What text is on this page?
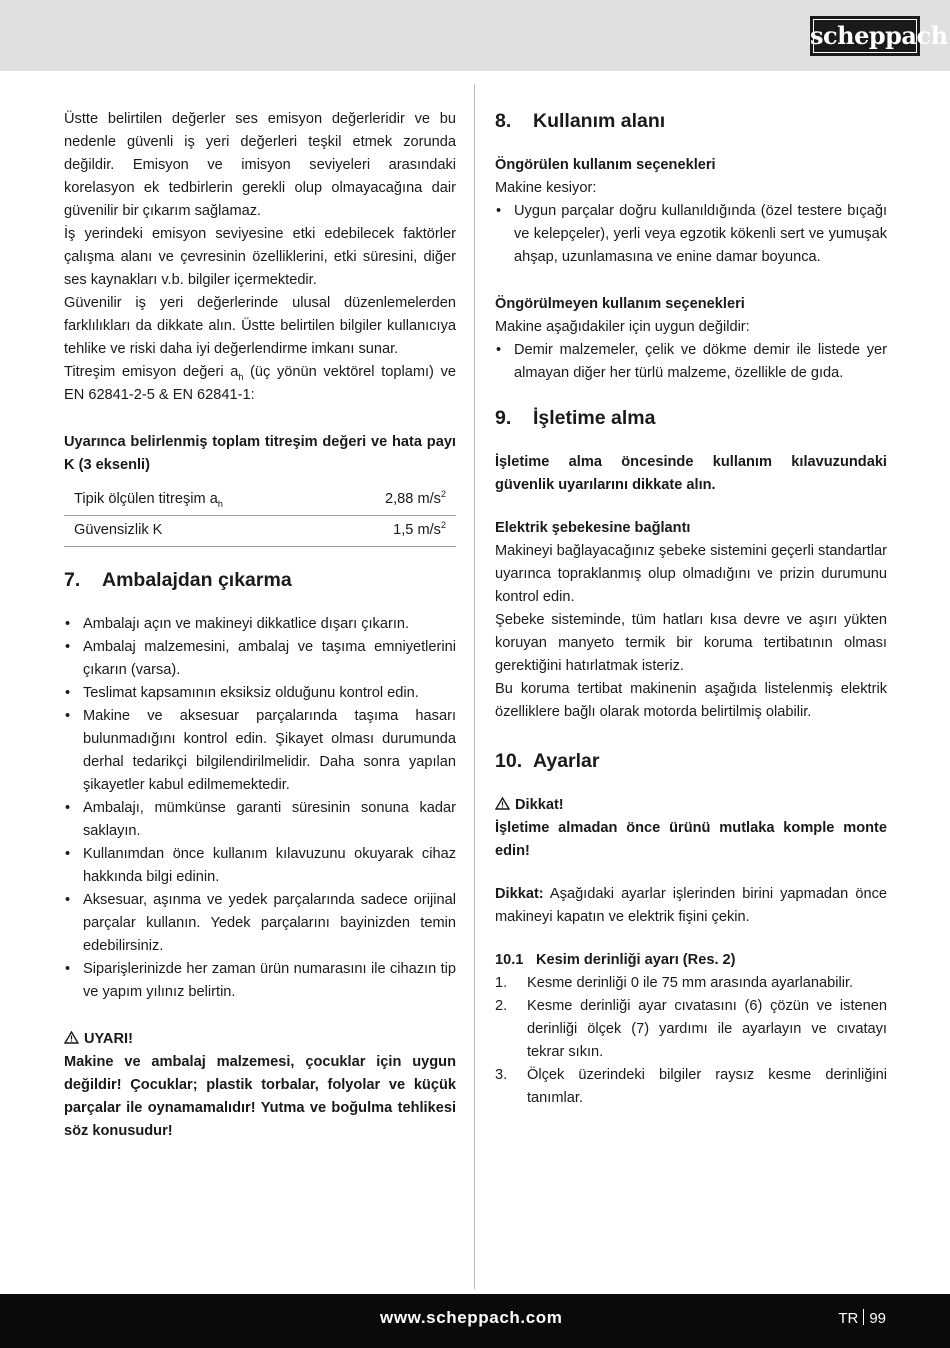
scheppach

Üstte belirtilen değerler ses emisyon değerleridir ve bu nedenle güvenli iş yeri değerleri teşkil etmek zorunda değildir. Emisyon ve imisyon seviyeleri arasındaki korelasyon ek tedbirlerin gerekli olup olmayacağına dair güvenilir bir çıkarım sağlamaz.

İş yerindeki emisyon seviyesine etki edebilecek faktörler çalışma alanı ve çevresinin özelliklerini, etki süresini, diğer ses kaynakları v.b. bilgiler içermektedir.

Güvenilir iş yeri değerlerinde ulusal düzenlemelerden farklılıkları da dikkate alın. Üstte belirtilen bilgiler kullanıcıya tehlike ve riski daha iyi değerlendirme imkanı sunar.

Titreşim emisyon değeri $a_h$ (üç yönün vektörel toplamı) ve EN 62841-2-5 & EN 62841-1:

Uyarınca belirlenmiş toplam titreşim değeri ve hata payı K (3 eksenli)

Tipik ölçülen titreşim $a_h$	2,88 $m/s^2$
Güvensizlik K	1,5 $m/s^2$
7. Ambalajdan çıkarma
• Ambalajı açın ve makineyi dikkatlice dışarı çıkarın.
• Ambalaj malzemesini, ambalaj ve taşıma emniyetlerini çıkarın (varsa).
• Teslimat kapsamının eksiksiz olduğunu kontrol edin.
• Makine ve aksesuar parçalarında taşıma hasarı bulunmadığını kontrol edin. Şikayet olması durumunda derhal tedarikçi bilgilendirilmelidir. Daha sonra yapılan şikayetler kabul edilmemektedir.
• Ambalajı, mümkünse garanti süresinin sonuna kadar saklayın.
• Kullanımdan önce kullanım kılavuzunu okuyarak cihaz hakkında bilgi edinin.
• Aksesuar, aşınma ve yedek parçalarında sadece orijinal parçalar kullanın. Yedek parçalarını bayinizden temin edebilirsiniz.
• Siparişlerinizde her zaman ürün numarasını ile cihazın tip ve yapım yılınız belirtin.

UYARI!

Makine ve ambalaj malzemesi, çocuklar için uygun değildir! Çocuklar; plastik torbalar, folyolar ve küçük parçalar ile oynamamalıdır! Yutma ve boğulma tehlikesi söz konusudur!

8. Kullanım alanı

Öngörülen kullanım seçenekleri

Makine kesiyor:

• Uygun parçalar doğru kullanıldığında (özel testere bıçağı ve kelepçeler), yerli veya egzotik kökenli sert ve yumuşak ahşap, uzunlamasına ve enine damar boyunca.

Öngörülmeyen kullanım seçenekleri

Makine aşağıdakiler için uygun değildir:

• Demir malzemeler, çelik ve dökme demir ile listede yer almayan diğer her türlü malzeme, özellikle de gıda.
9. İşletime alma

İşletime alma öncesinde kullanım kılavuzundaki güvenlik uyarılarını dikkate alın.

Elektrik şebekesine bağlantı

Makineyi bağlayacağınız şebeke sistemini geçerli standartlar uyarınca topraklanmış olup olmadığını ve prizin durumunu kontrol edin.

Şebeke sisteminde, tüm hatları kısa devre ve aşırı yükten koruyan manyeto termik bir koruma tertibatının olması gerektiğini hatırlatmak isteriz.

Bu koruma tertibat makinenin aşağıda listelenmiş elektrik özelliklere bağlı olarak motorda belirtilmiş olabilir.

10. Ayarlar

Dikkat!

İşletime almadan önce ürünü mutlaka komple monte edin!

Dikkat: Aşağıdaki ayarlar işlerinden birini yapmadan önce makineyi kapatın ve elektrik fişini çekin.

10.1 Kesim derinliği ayarı (Res. 2)

1. Kesme derinliği 0 ile 75 mm arasında ayarlanabilir.
2. Kesme derinliği ayar cıvatasını (6) çözün ve istenen derinliği ölçek (7) yardımı ile ayarlayın ve cıvatayı tekrar sıkın.
3. Ölçek üzerindeki bilgiler raysız kesme derinliğini tanımlar.
www.scheppach.com	TR 99
